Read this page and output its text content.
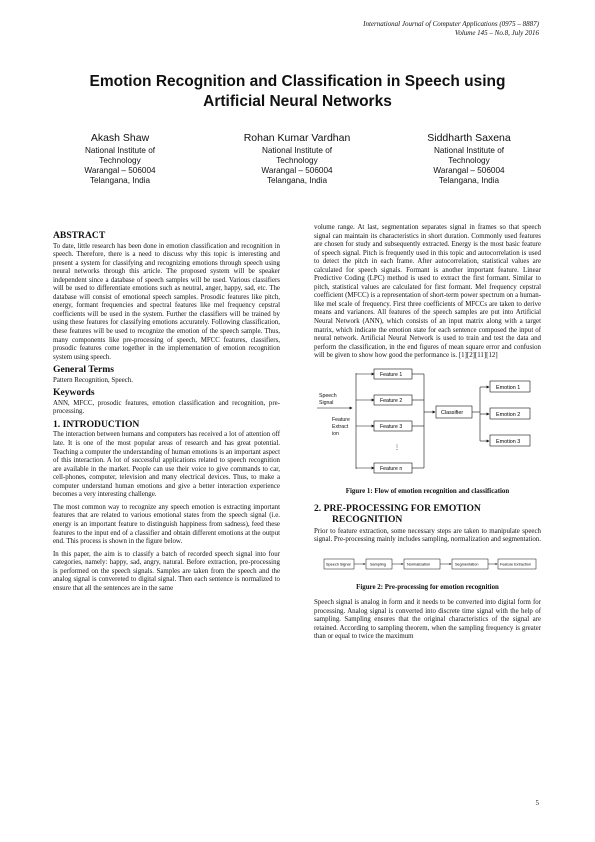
International Journal of Computer Applications (0975 – 8887)
Volume 145 – No.8, July 2016
Emotion Recognition and Classification in Speech using
Artificial Neural Networks
Akash Shaw
National Institute of
Technology
Warangal – 506004
Telangana, India
Rohan Kumar Vardhan
National Institute of
Technology
Warangal – 506004
Telangana, India
Siddharth Saxena
National Institute of
Technology
Warangal – 506004
Telangana, India
ABSTRACT

To date, little research has been done in emotion classification and recognition in speech. Therefore, there is a need to discuss why this topic is interesting and present a system for classifying and recognizing emotions through speech using neural networks through this article. The proposed system will be speaker independent since a database of speech samples will be used. Various classifiers will be used to differentiate emotions such as neutral, anger, happy, sad, etc. The database will consist of emotional speech samples. Prosodic features like pitch, energy, formant frequencies and spectral features like mel frequency cepstral coefficients will be used in the system. Further the classifiers will be trained by using these features for classifying emotions accurately. Following classification, these features will be used to recognize the emotion of the speech sample. Thus, many components like pre-processing of speech, MFCC features, classifiers, prosodic features come together in the implementation of emotion recognition system using speech.

General Terms

Pattern Recognition, Speech.

Keywords

ANN, MFCC, prosodic features, emotion classification and recognition, pre-processing.

1. INTRODUCTION

The interaction between humans and computers has received a lot of attention off late. It is one of the most popular areas of research and has great potential. Teaching a computer the understanding of human emotions is an important aspect of this interaction. A lot of successful applications related to speech recognition are available in the market. People can use their voice to give commands to car, cell-phones, computer, television and many electrical devices. Thus, to make a computer understand human emotions and give a better interaction experience becomes a very interesting challenge.

The most common way to recognize any speech emotion is extracting important features that are related to various emotional states from the speech signal (i.e. energy is an important feature to distinguish happiness from sadness), feed these features to the input end of a classifier and obtain different emotions at the output end. This process is shown in the figure below.

In this paper, the aim is to classify a batch of recorded speech signal into four categories, namely: happy, sad, angry, natural. Before extraction, pre-processing is performed on the speech signals. Samples are taken from the speech and the analog signal is convereted to digital signal. Then each sentence is normalized to ensure that all the sentences are in the same

volume range. At last, segmentation separates signal in frames so that speech signal can maintain its characteristics in short duration. Commonly used features are chosen for study and subsequently extracted. Energy is the most basic feature of speech signal. Pitch is frequently used in this topic and autocorrelation is used to detect the pitch in each frame. After autocorrelation, statistical values are calculated for speech signals. Formant is another important feature. Linear Predictive Coding (LPC) method is used to extract the first formant. Similar to pitch, statistical values are calculated for first formant. Mel frequency cepstral coefficient (MFCC) is a representation of short-term power spectrum on a human-like mel scale of frequency. First three coefficients of MFCCs are taken to derive means and variances. All features of the speech samples are put into Artificial Neural Network (ANN), which consists of an input matrix along with a target matrix, which indicate the emotion state for each sentence composed the input of neural network. Artificial Neural Network is used to train and test the data and perform the classification, in the end figures of mean square error and confusion will be given to show how good the performance is. [1][2][11][12]

Speech
Signal
Feature
Extract
ion
Feature 1
Feature 2
Feature 3
Feature n
⋮
Classifier
Emotion 1
Emotion 2
Emotion 3
Figure 1: Flow of emotion recognition and classification
2. PRE-PROCESSING FOR EMOTION
RECOGNITION

Prior to feature extraction, some necessary steps are taken to manipulate speech signal. Pre-processing mainly includes sampling, normalization and segmentation.

Speech Signal	Sampling	Normalization	Segmentation	Feature Extraction
Figure 2: Pre-processing for emotion recognition

Speech signal is analog in form and it needs to be converted into digital form for processing. Analog signal is converted into discrete time signal with the help of sampling. Sampling ensures that the original characteristics of the signal are retained. According to sampling theorem, when the sampling frequency is greater than or equal to twice the maximum

5
